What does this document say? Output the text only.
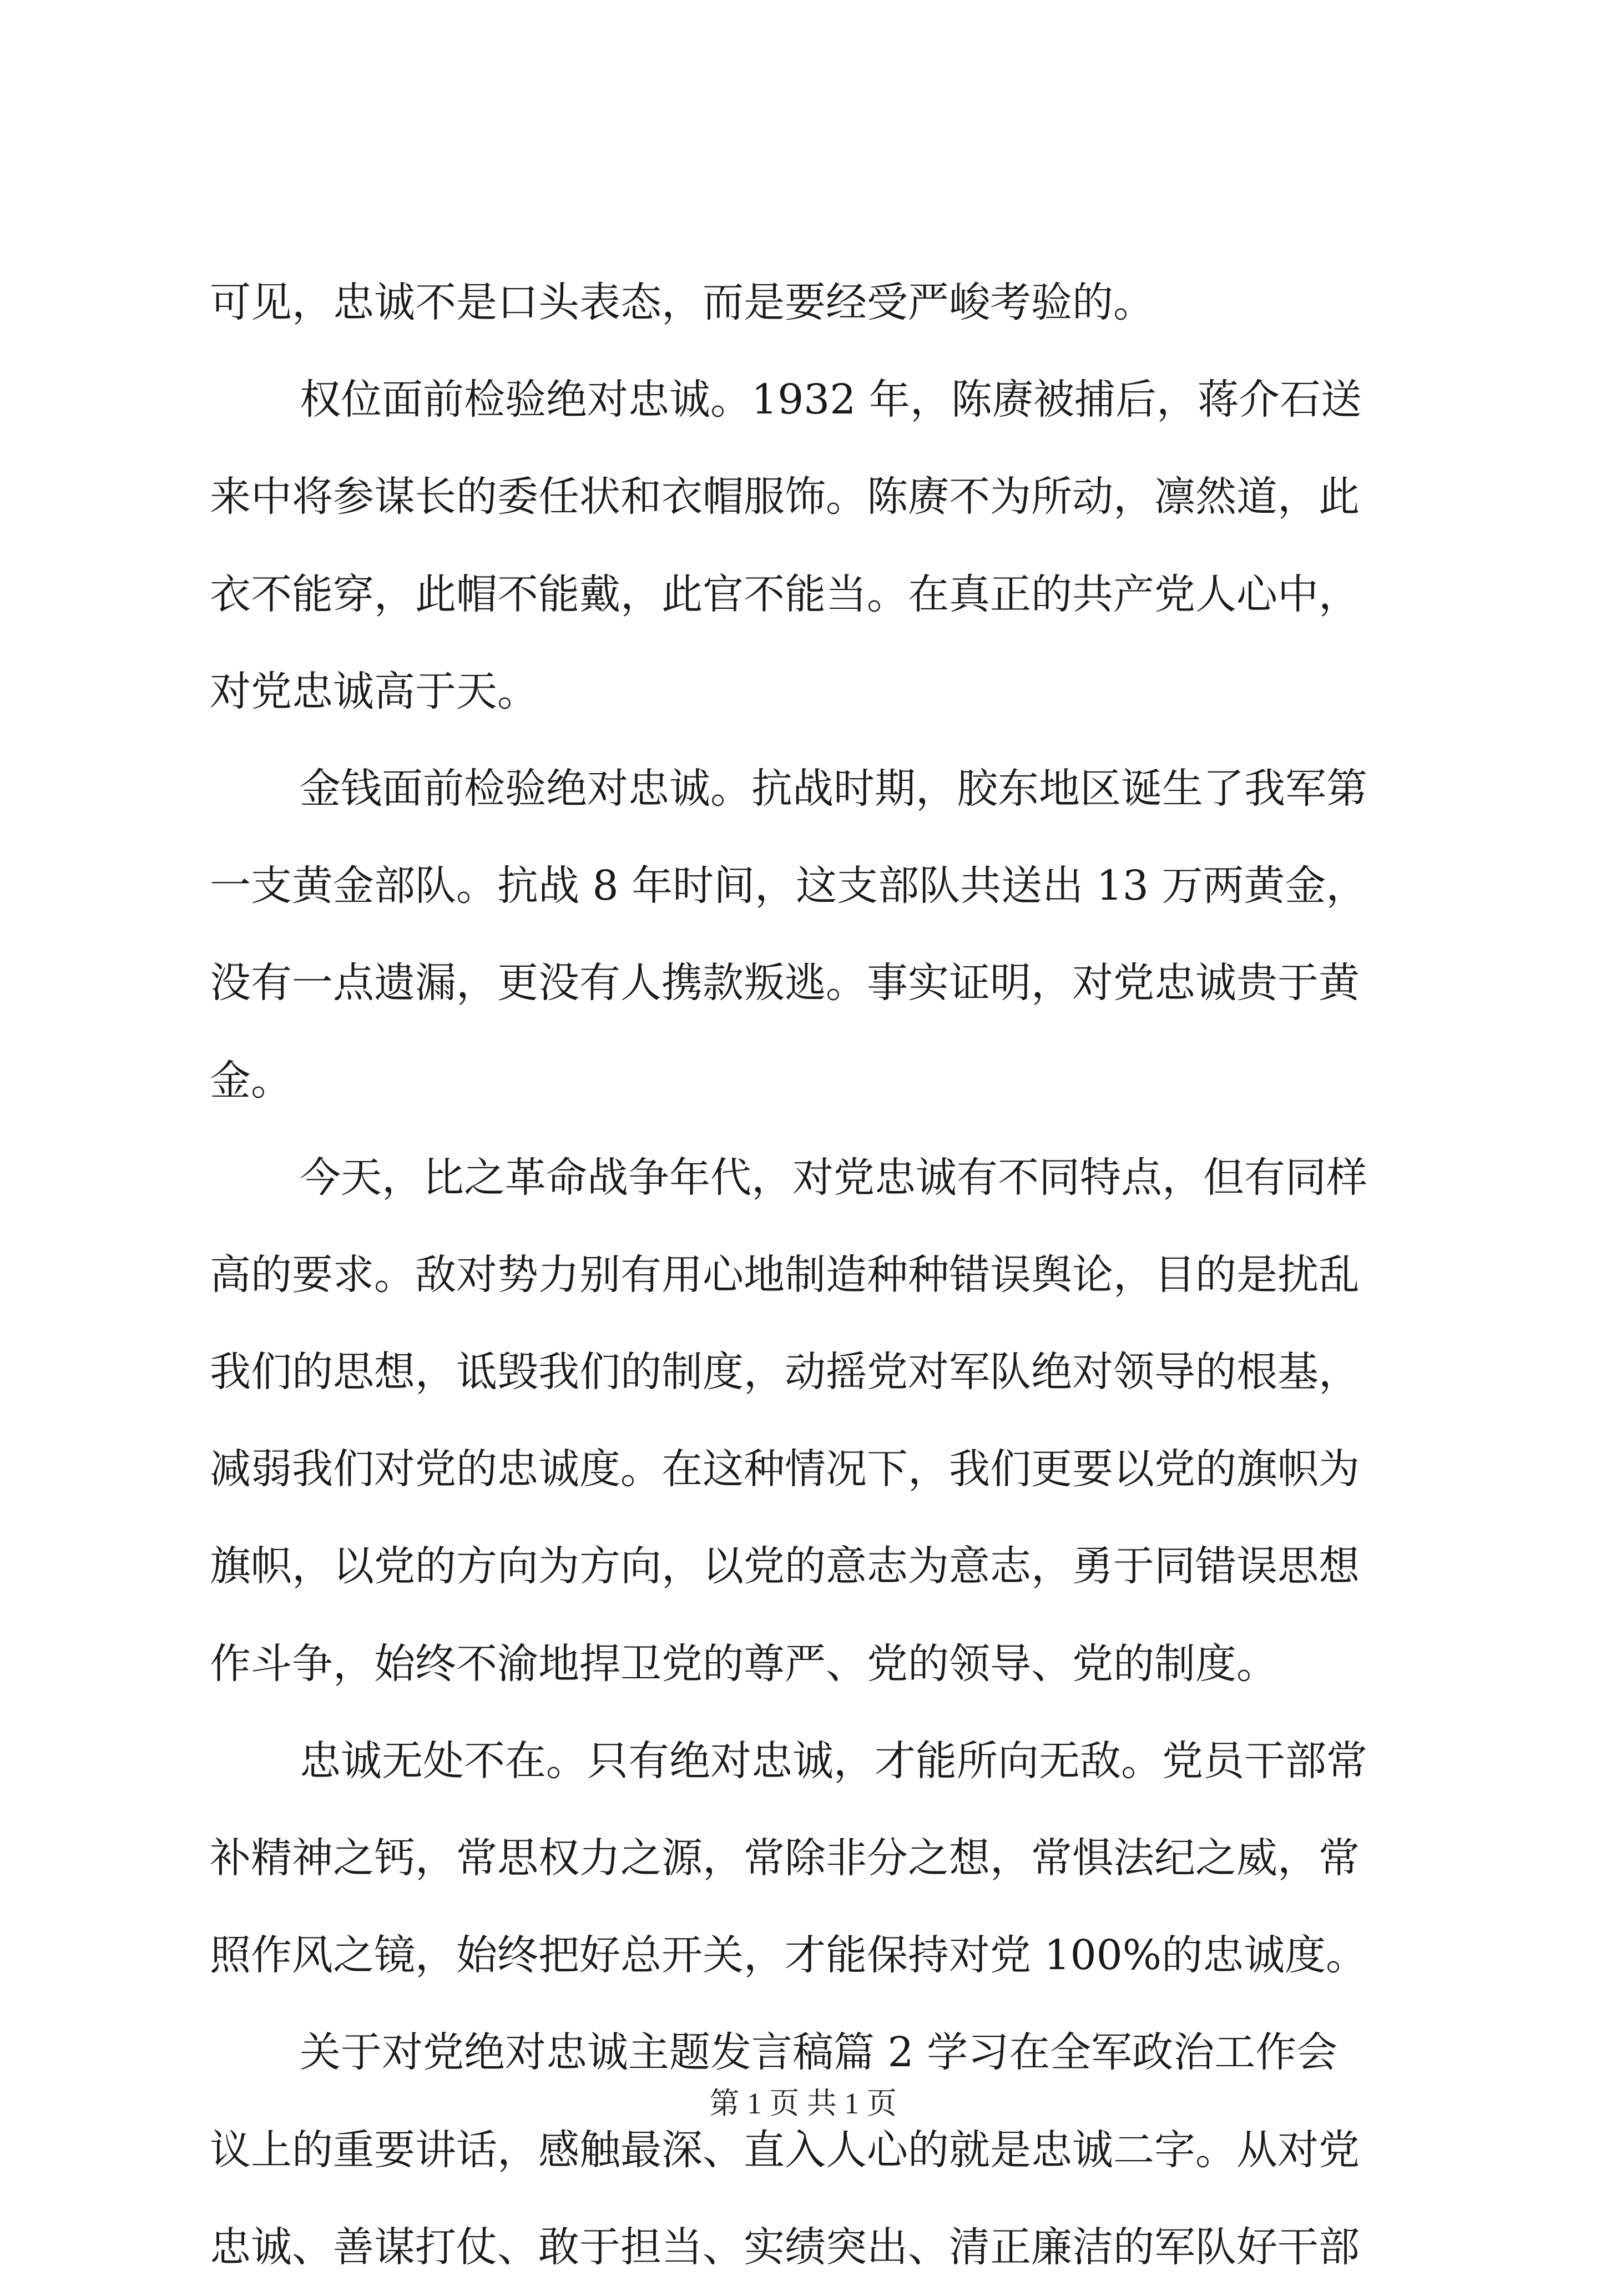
可见，忠诚不是口头表态，而是要经受严峻考验的。
权位面前检验绝对忠诚。1932 年，陈赓被捕后，蒋介石送
来中将参谋长的委任状和衣帽服饰。陈赓不为所动，凛然道，此
衣不能穿，此帽不能戴，此官不能当。在真正的共产党人心中，
对党忠诚高于天。
金钱面前检验绝对忠诚。抗战时期，胶东地区诞生了我军第
一支黄金部队。抗战 8 年时间，这支部队共送出 13 万两黄金，
没有一点遗漏，更没有人携款叛逃。事实证明，对党忠诚贵于黄
金。
今天，比之革命战争年代，对党忠诚有不同特点，但有同样
高的要求。敌对势力别有用心地制造种种错误舆论，目的是扰乱
我们的思想，诋毁我们的制度，动摇党对军队绝对领导的根基，
减弱我们对党的忠诚度。在这种情况下，我们更要以党的旗帜为
旗帜，以党的方向为方向，以党的意志为意志，勇于同错误思想
作斗争，始终不渝地捍卫党的尊严、党的领导、党的制度。
忠诚无处不在。只有绝对忠诚，才能所向无敌。党员干部常
补精神之钙，常思权力之源，常除非分之想，常惧法纪之威，常
照作风之镜，始终把好总开关，才能保持对党 100%的忠诚度。
关于对党绝对忠诚主题发言稿篇 2 学习在全军政治工作会
议上的重要讲话，感触最深、直入人心的就是忠诚二字。从对党
忠诚、善谋打仗、敢于担当、实绩突出、清正廉洁的军队好干部
第 1 页 共 1 页
